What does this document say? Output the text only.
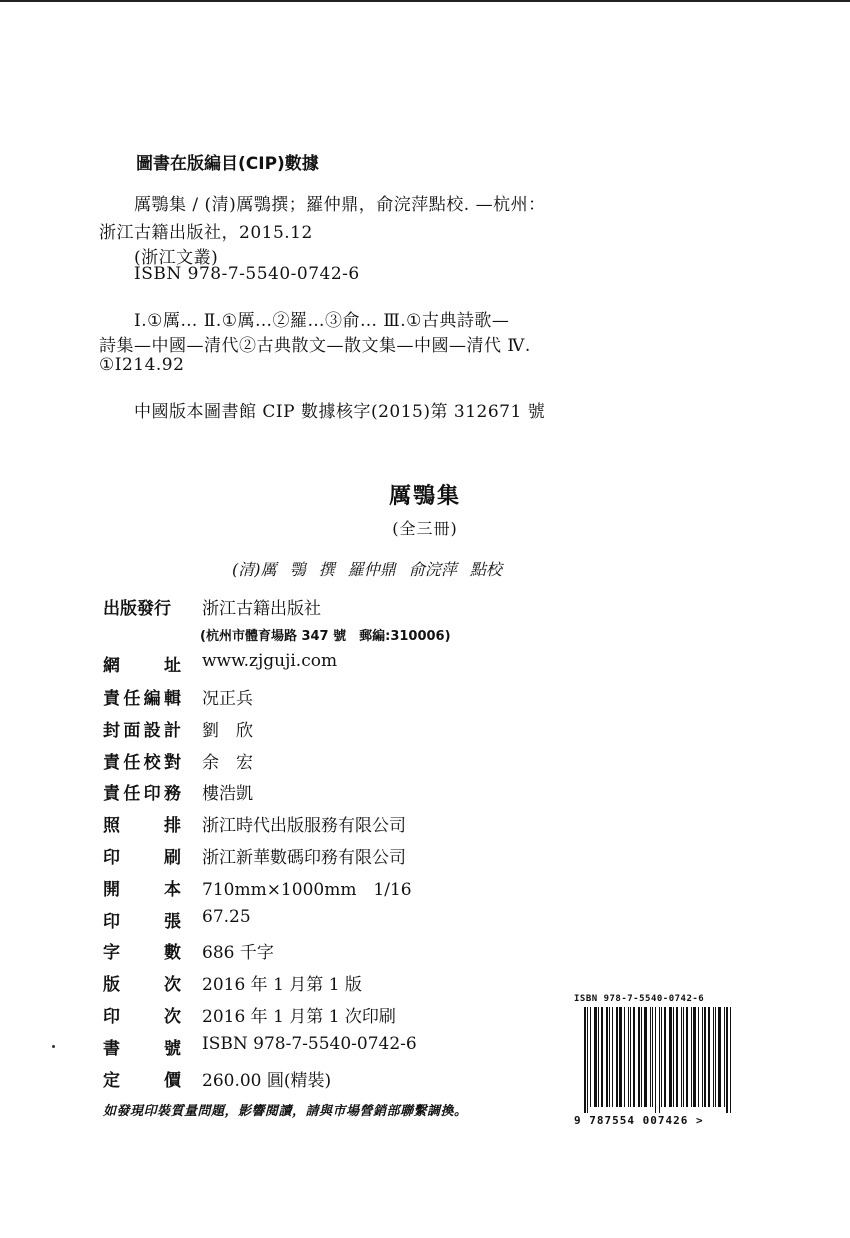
圖書在版編目(CIP)數據
厲鶚集 / (清)厲鶚撰；羅仲鼎，俞浣萍點校. —杭州：
浙江古籍出版社，2015.12
(浙江文叢)
ISBN 978-7-5540-0742-6
Ⅰ.①厲… Ⅱ.①厲…②羅…③俞… Ⅲ.①古典詩歌—
詩集—中國—清代②古典散文—散文集—中國—清代 Ⅳ.
①I214.92
中國版本圖書館 CIP 數據核字(2015)第 312671 號
厲鶚集
(全三冊)
(清)厲 鶚 撰 羅仲鼎 俞浣萍 點校
出版發行	浙江古籍出版社
(杭州市體育場路 347 號　郵編:310006)
網	址 www.zjguji.com
責 任 編 輯 况正兵
封 面 設 計 劉　欣
責 任 校 對 余　宏
責 任 印 務 樓浩凱
照	排 浙江時代出版服務有限公司
印	刷 浙江新華數碼印務有限公司
開	本 710mm×1000mm　1/16
印	張 67.25
字	數 686 千字
版	次 2016 年 1 月第 1 版
印	次 2016 年 1 月第 1 次印刷
書	號 ISBN 978-7-5540-0742-6
定	價 260.00 圓(精裝)
如發現印裝質量問題，影響閱讀，請與市場營銷部聯繫調換。
ISBN 978-7-5540-0742-6
9 787554 007426 >
